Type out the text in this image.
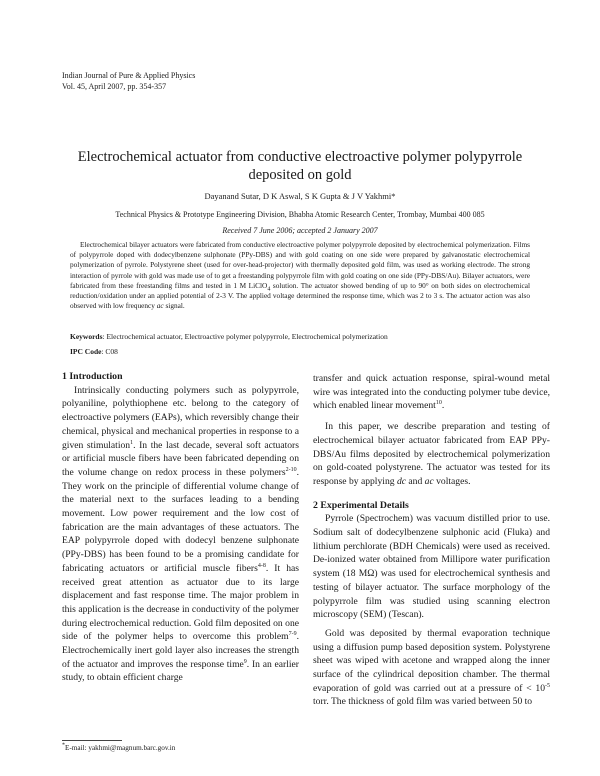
Indian Journal of Pure & Applied Physics
Vol. 45, April 2007, pp. 354-357
Electrochemical actuator from conductive electroactive polymer polypyrrole
deposited on gold
Dayanand Sutar, D K Aswal, S K Gupta & J V Yakhmi*
Technical Physics & Prototype Engineering Division, Bhabha Atomic Research Center, Trombay, Mumbai 400 085
Received 7 June 2006; accepted 2 January 2007
Electrochemical bilayer actuators were fabricated from conductive electroactive polymer polypyrrole deposited by electrochemical polymerization. Films of polypyrrole doped with dodecylbenzene sulphonate (PPy-DBS) and with gold coating on one side were prepared by galvanostatic electrochemical polymerization of pyrrole. Polystyrene sheet (used for over-head-projector) with thermally deposited gold film, was used as working electrode. The strong interaction of pyrrole with gold was made use of to get a freestanding polypyrrole film with gold coating on one side (PPy-DBS/Au). Bilayer actuators, were fabricated from these freestanding films and tested in 1 M LiClO$_4$ solution. The actuator showed bending of up to 90° on both sides on electrochemical reduction/oxidation under an applied potential of 2-3 V. The applied voltage determined the response time, which was 2 to 3 s. The actuator action was also observed with low frequency ac signal.
Keywords: Electrochemical actuator, Electroactive polymer polypyrrole, Electrochemical polymerization
IPC Code: C08
1 Introduction

Intrinsically conducting polymers such as polypyrrole, polyaniline, polythiophene etc. belong to the category of electroactive polymers (EAPs), which reversibly change their chemical, physical and mechanical properties in response to a given stimulation$^1$. In the last decade, several soft actuators or artificial muscle fibers have been fabricated depending on the volume change on redox process in these polymers$^{2-10}$. They work on the principle of differential volume change of the material next to the surfaces leading to a bending movement. Low power requirement and the low cost of fabrication are the main advantages of these actuators. The EAP polypyrrole doped with dodecyl benzene sulphonate (PPy-DBS) has been found to be a promising candidate for fabricating actuators or artificial muscle fibers$^{4-8}$. It has received great attention as actuator due to its large displacement and fast response time. The major problem in this application is the decrease in conductivity of the polymer during electrochemical reduction. Gold film deposited on one side of the polymer helps to overcome this problem$^{7-9}$. Electrochemically inert gold layer also increases the strength of the actuator and improves the response time$^9$. In an earlier study, to obtain efficient charge

transfer and quick actuation response, spiral-wound metal wire was integrated into the conducting polymer tube device, which enabled linear movement$^{10}$.

In this paper, we describe preparation and testing of electrochemical bilayer actuator fabricated from EAP PPy-DBS/Au films deposited by electrochemical polymerization on gold-coated polystyrene. The actuator was tested for its response by applying dc and ac voltages.

2 Experimental Details

Pyrrole (Spectrochem) was vacuum distilled prior to use. Sodium salt of dodecylbenzene sulphonic acid (Fluka) and lithium perchlorate (BDH Chemicals) were used as received. De-ionized water obtained from Millipore water purification system (18 MΩ) was used for electrochemical synthesis and testing of bilayer actuator. The surface morphology of the polypyrrole film was studied using scanning electron microscopy (SEM) (Tescan).

Gold was deposited by thermal evaporation technique using a diffusion pump based deposition system. Polystyrene sheet was wiped with acetone and wrapped along the inner surface of the cylindrical deposition chamber. The thermal evaporation of gold was carried out at a pressure of < $10^{-5}$ torr. The thickness of gold film was varied between 50 to

*E-mail: yakhmi@magnum.barc.gov.in
